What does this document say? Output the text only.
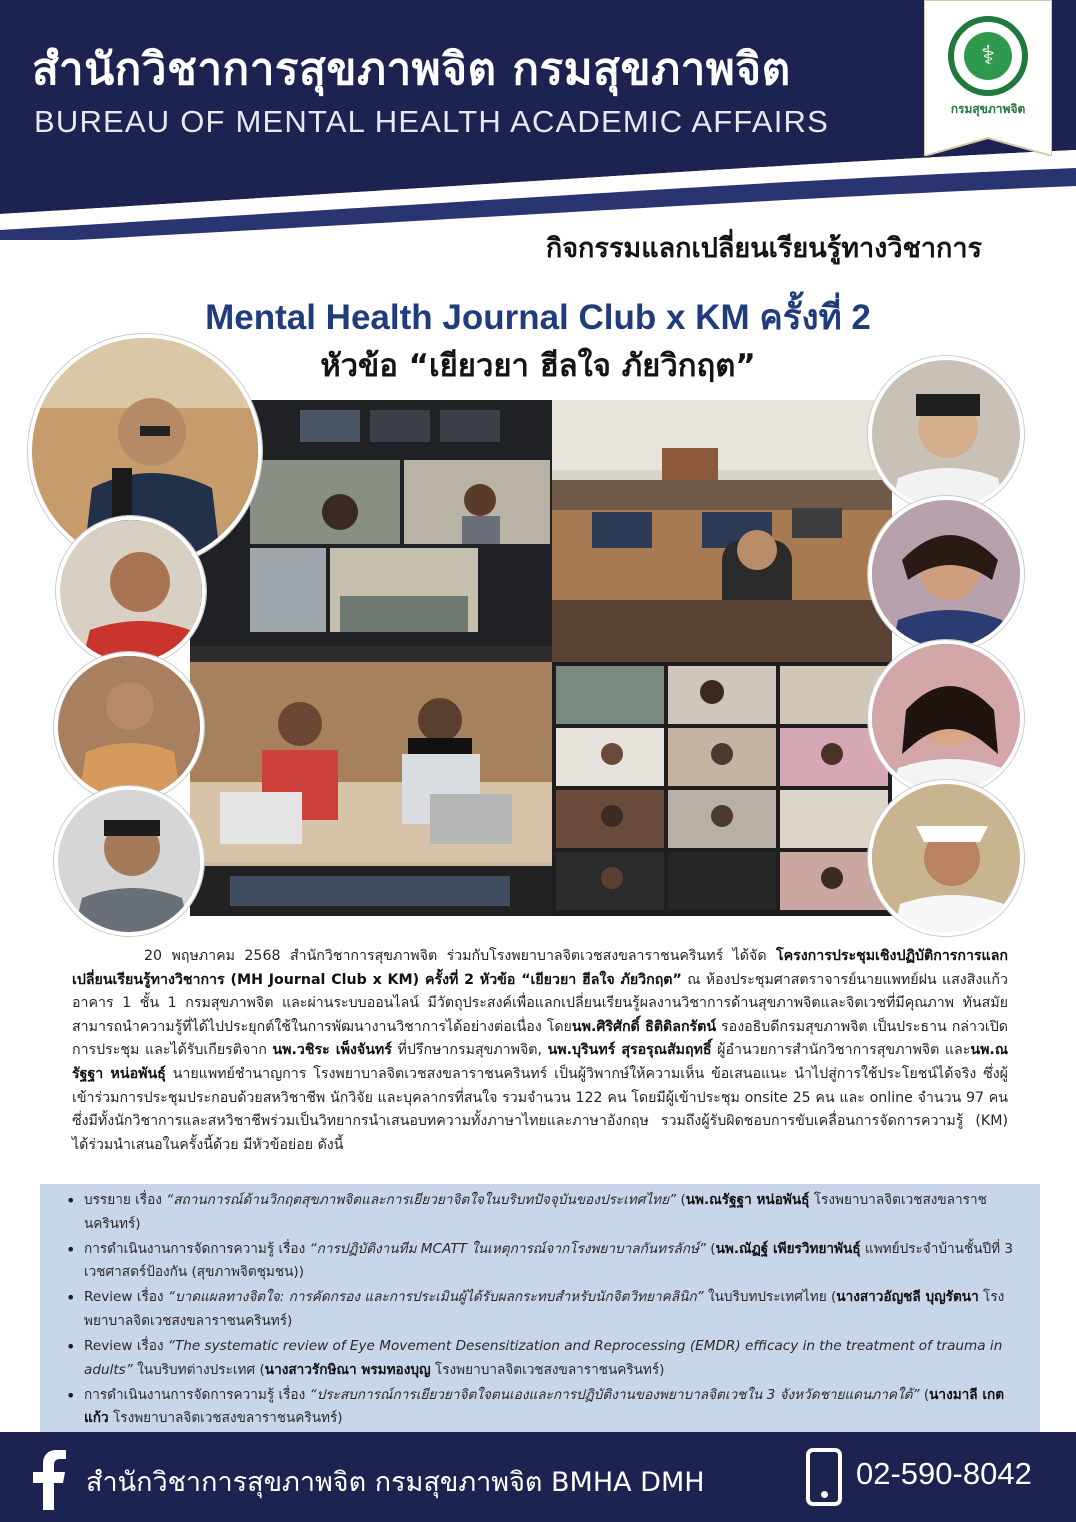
สำนักวิชาการสุขภาพจิต กรมสุขภาพจิต
BUREAU OF MENTAL HEALTH ACADEMIC AFFAIRS
⚕
กรมสุขภาพจิต
กิจกรรมแลกเปลี่ยนเรียนรู้ทางวิชาการ
Mental Health Journal Club x KM ครั้งที่ 2
หัวข้อ “เยียวยา ฮีลใจ ภัยวิกฤต”
20 พฤษภาคม 2568 สำนักวิชาการสุขภาพจิต ร่วมกับโรงพยาบาลจิตเวชสงขลาราชนครินทร์ ได้จัด โครงการประชุมเชิงปฏิบัติการการแลกเปลี่ยนเรียนรู้ทางวิชาการ (MH Journal Club x KM) ครั้งที่ 2 หัวข้อ “เยียวยา ฮีลใจ ภัยวิกฤต” ณ ห้องประชุมศาสตราจารย์นายแพทย์ฝน แสงสิงแก้ว อาคาร 1 ชั้น 1 กรมสุขภาพจิต และผ่านระบบออนไลน์ มีวัตถุประสงค์เพื่อแลกเปลี่ยนเรียนรู้ผลงานวิชาการด้านสุขภาพจิตและจิตเวชที่มีคุณภาพ ทันสมัย สามารถนำความรู้ที่ได้ไปประยุกต์ใช้ในการพัฒนางานวิชาการได้อย่างต่อเนื่อง โดยนพ.ศิริศักดิ์ ธิติดิลกรัตน์ รองอธิบดีกรมสุขภาพจิต เป็นประธาน กล่าวเปิดการประชุม และได้รับเกียรติจาก นพ.วชิระ เพ็งจันทร์ ที่ปรึกษากรมสุขภาพจิต, นพ.บุรินทร์ สุรอรุณสัมฤทธิ์ ผู้อำนวยการสำนักวิชาการสุขภาพจิต และนพ.ณรัฐฐา หน่อพันธุ์ นายแพทย์ชำนาญการ โรงพยาบาลจิตเวชสงขลาราชนครินทร์ เป็นผู้วิพากษ์ให้ความเห็น ข้อเสนอแนะ นำไปสู่การใช้ประโยชน์ได้จริง ซึ่งผู้เข้าร่วมการประชุมประกอบด้วยสหวิชาชีพ นักวิจัย และบุคลากรที่สนใจ รวมจำนวน 122 คน โดยมีผู้เข้าประชุม onsite 25 คน และ online จำนวน 97 คน ซึ่งมีทั้งนักวิชาการและสหวิชาชีพร่วมเป็นวิทยากรนำเสนอบทความทั้งภาษาไทยและภาษาอังกฤษ รวมถึงผู้รับผิดชอบการขับเคลื่อนการจัดการความรู้ (KM) ได้ร่วมนำเสนอในครั้งนี้ด้วย มีหัวข้อย่อย ดังนี้
• บรรยาย เรื่อง “สถานการณ์ด้านวิกฤตสุขภาพจิตและการเยียวยาจิตใจในบริบทปัจจุบันของประเทศไทย” (นพ.ณรัฐฐา หน่อพันธุ์ โรงพยาบาลจิตเวชสงขลาราชนครินทร์)
• การดำเนินงานการจัดการความรู้ เรื่อง “การปฏิบัติงานทีม MCATT ในเหตุการณ์จากโรงพยาบาลกันทรลักษ์” (นพ.ณัฏฐ์ เพียรวิทยาพันธุ์ แพทย์ประจำบ้านชั้นปีที่ 3 เวชศาสตร์ป้องกัน (สุขภาพจิตชุมชน))
• Review เรื่อง “บาดแผลทางจิตใจ: การคัดกรอง และการประเมินผู้ได้รับผลกระทบสำหรับนักจิตวิทยาคลินิก” ในบริบทประเทศไทย (นางสาวอัญชลี บุญรัตนา โรงพยาบาลจิตเวชสงขลาราชนครินทร์)
• Review เรื่อง “The systematic review of Eye Movement Desensitization and Reprocessing (EMDR) efficacy in the treatment of trauma in adults” ในบริบทต่างประเทศ (นางสาวรักษิณา พรมทองบุญ โรงพยาบาลจิตเวชสงขลาราชนครินทร์)
• การดำเนินงานการจัดการความรู้ เรื่อง “ประสบการณ์การเยียวยาจิตใจตนเองและการปฏิบัติงานของพยาบาลจิตเวชใน 3 จังหวัดชายแดนภาคใต้” (นางมาลี เกตแก้ว โรงพยาบาลจิตเวชสงขลาราชนครินทร์)
สำนักวิชาการสุขภาพจิต กรมสุขภาพจิต BMHA DMH	02-590-8042
